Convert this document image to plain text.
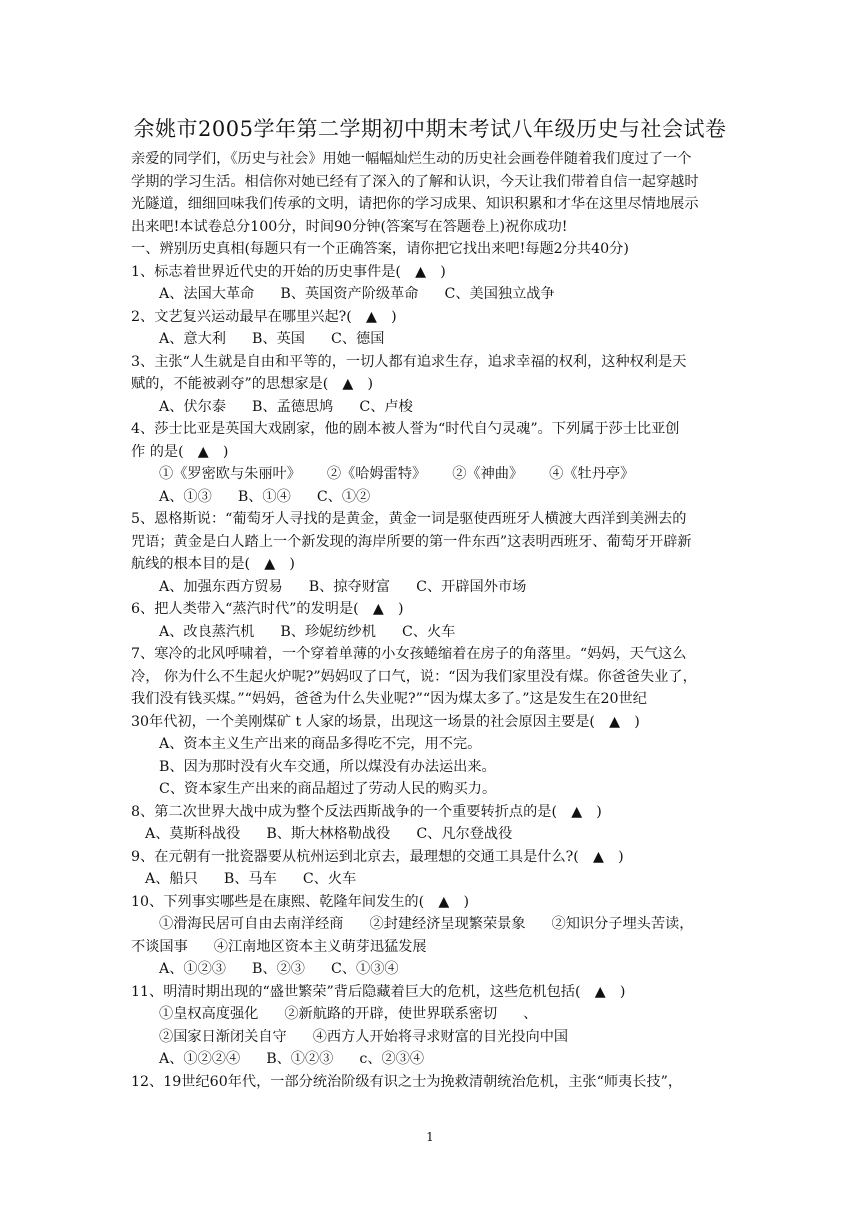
余姚市2005学年第二学期初中期末考试八年级历史与社会试卷
亲爱的同学们，《历史与社会》用她一幅幅灿烂生动的历史社会画卷伴随着我们度过了一个
学期的学习生活。相信你对她已经有了深入的了解和认识，今天让我们带着自信一起穿越时
光隧道，细细回味我们传承的文明，请把你的学习成果、知识积累和才华在这里尽情地展示
出来吧!本试卷总分100分，时间90分钟(答案写在答题卷上)祝你成功!
一、辨别历史真相(每题只有一个正确答案，请你把它找出来吧!每题2分共40分)
1、标志着世界近代史的开始的历史事件是(　▲　)
A、法国大革命 B、英国资产阶级革命 C、美国独立战争
2、文艺复兴运动最早在哪里兴起?(　▲　)
A、意大利 B、英国 C、德国
3、主张“人生就是自由和平等的，一切人都有追求生存，追求幸福的权利，这种权利是天
赋的，不能被剥夺”的思想家是(　▲　)
A、伏尔泰 B、孟德思鸠 C、卢梭
4、莎士比亚是英国大戏剧家，他的剧本被人誉为“时代自勺灵魂”。下列属于莎士比亚创
作 的是(　▲　)
①《罗密欧与朱丽叶》 ②《哈姆雷特》 ②《神曲》 ④《牡丹亭》
A、①③ B、①④ C、①②
5、恩格斯说：“葡萄牙人寻找的是黄金，黄金一词是驱使西班牙人横渡大西洋到美洲去的
咒语；黄金是白人踏上一个新发现的海岸所要的第一件东西”这表明西班牙、葡萄牙开辟新
航线的根本目的是(　▲　)
A、加强东西方贸易 B、掠夺财富 C、开辟国外市场
6、把人类带入“蒸汽时代”的发明是(　▲　)
A、改良蒸汽机 B、珍妮纺纱机 C、火车
7、寒冷的北风呼啸着，一个穿着单薄的小女孩蜷缩着在房子的角落里。“妈妈，天气这么
冷， 你为什么不生起火炉呢?”妈妈叹了口气，说：“因为我们家里没有煤。你爸爸失业了，
我们没有钱买煤。”“妈妈，爸爸为什么失业呢?”“因为煤太多了。”这是发生在20世纪
30年代初，一个美刚煤矿 t 人家的场景，出现这一场景的社会原因主要是(　▲　)
A、资本主义生产出来的商品多得吃不完，用不完。
B、因为那时没有火车交通，所以煤没有办法运出来。
C、资本家生产出来的商品超过了劳动人民的购买力。
8、第二次世界大战中成为整个反法西斯战争的一个重要转折点的是(　▲　)
A、莫斯科战役 B、斯大林格勒战役 C、凡尔登战役
9、在元朝有一批瓷器要从杭州运到北京去，最理想的交通工具是什么?(　▲　)
A、船只 B、马车 C、火车
10、下列事实哪些是在康熙、乾隆年间发生的(　▲　)
①滑海民居可自由去南洋经商 ②封建经济呈现繁荣景象 ②知识分子埋头苦读，
不谈国事 ④江南地区资本主义萌芽迅猛发展
A、①②③ B、②③ C、①③④
11、明清时期出现的“盛世繁荣”背后隐藏着巨大的危机，这些危机包括(　▲　)
①皇权高度强化 ②新航路的开辟，使世界联系密切 、
②国家日渐闭关自守 ④西方人开始将寻求财富的目光投向中国
A、①②②④ B、①②③ c、②③④
12、19世纪60年代，一部分统治阶级有识之士为挽救清朝统治危机，主张“师夷长技”，
1
